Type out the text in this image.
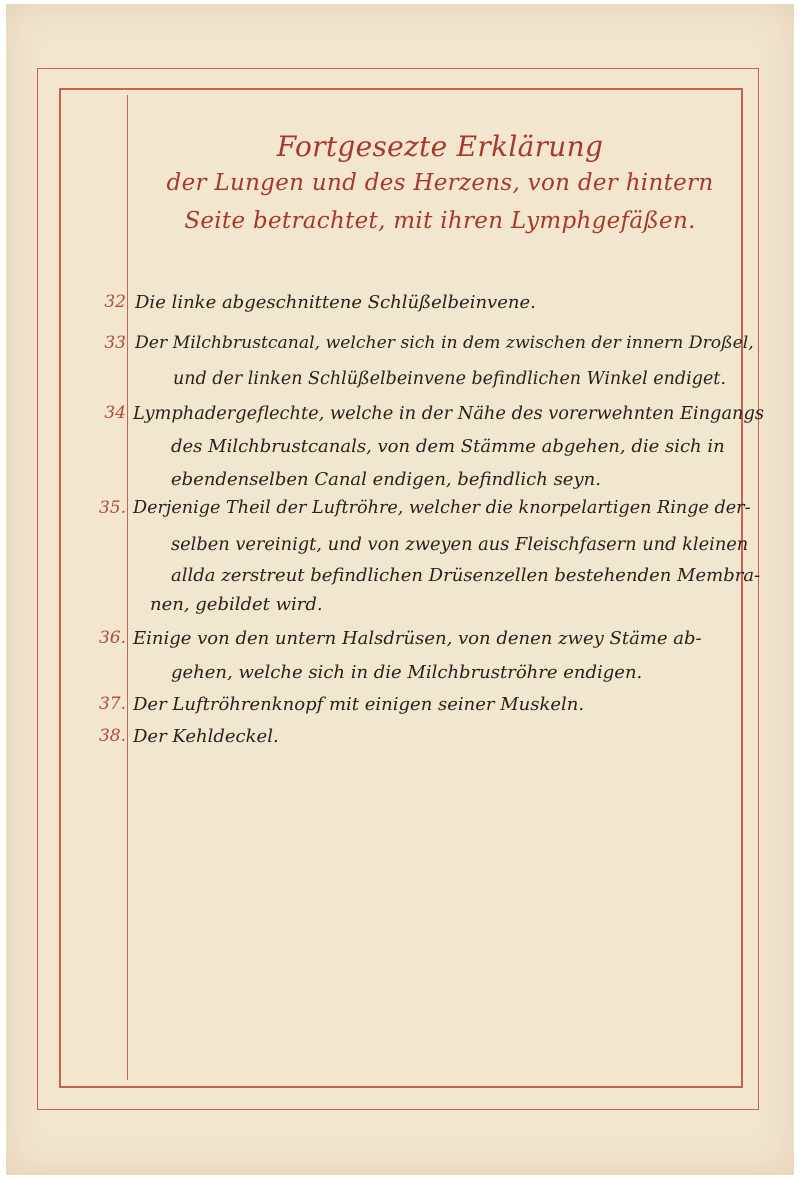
Fortgesezte Erklärung
der Lungen und des Herzens, von der hintern
Seite betrachtet, mit ihren Lymphgefäßen.
32 Die linke abgeschnittene Schlüßelbeinvene.
33 Der Milchbrustcanal, welcher sich in dem zwischen der innern Droßel,
und der linken Schlüßelbeinvene befindlichen Winkel endiget.
34 Lymphadergeflechte, welche in der Nähe des vorerwehnten Eingangs
des Milchbrustcanals, von dem Stämme abgehen, die sich in
ebendenselben Canal endigen, befindlich seyn.
35. Derjenige Theil der Luftröhre, welcher die knorpelartigen Ringe der-
selben vereinigt, und von zweyen aus Fleischfasern und kleinen
allda zerstreut befindlichen Drüsenzellen bestehenden Membra-
nen, gebildet wird.
36. Einige von den untern Halsdrüsen, von denen zwey Stäme ab-
gehen, welche sich in die Milchbruströhre endigen.
37. Der Luftröhrenknopf mit einigen seiner Muskeln.
38. Der Kehldeckel.
